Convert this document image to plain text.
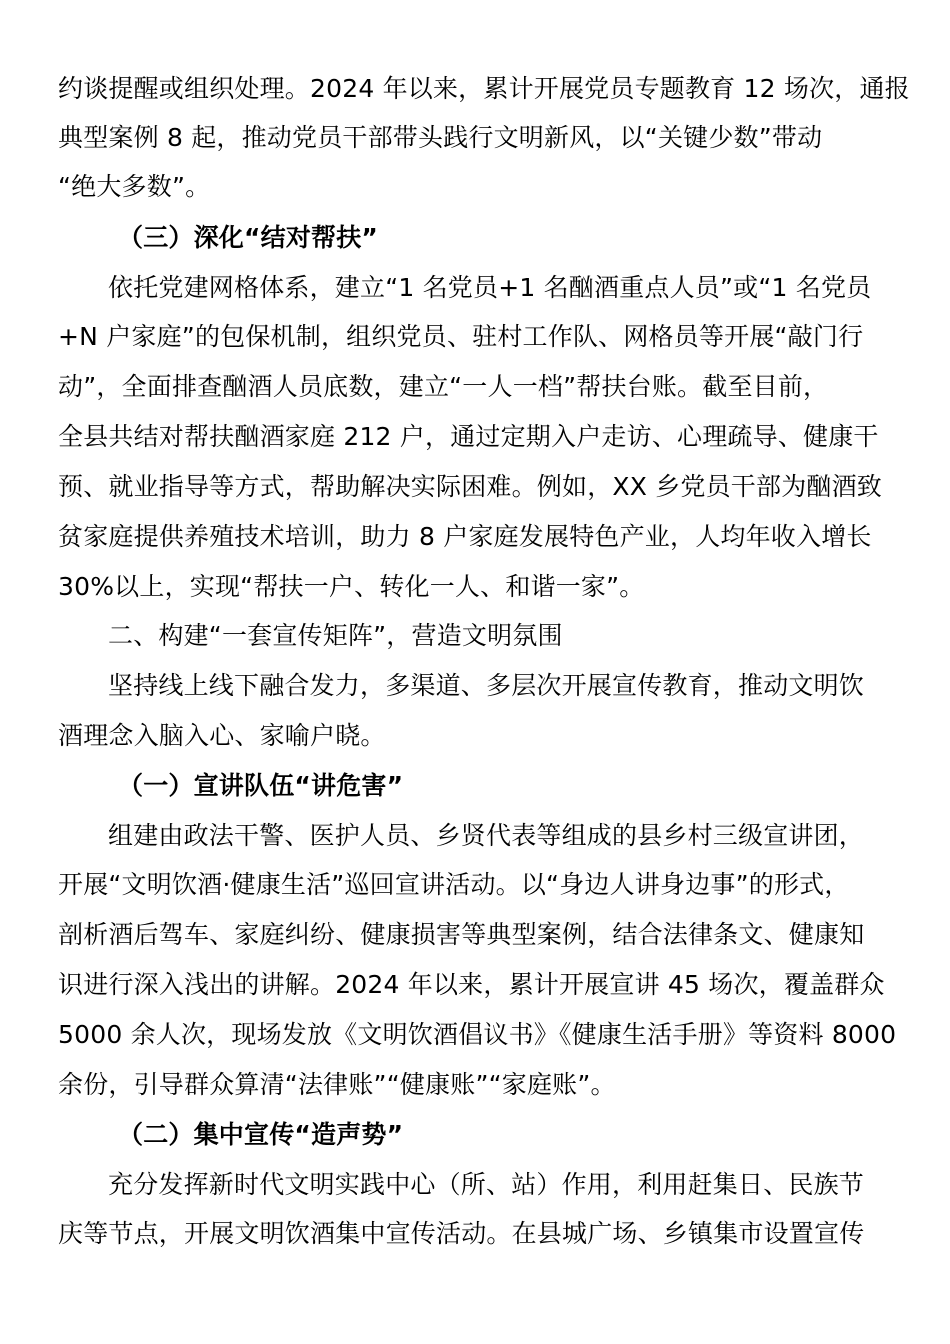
约谈提醒或组织处理。2024 年以来，累计开展党员专题教育 12 场次，通报
典型案例 8 起，推动党员干部带头践行文明新风，以“关键少数”带动
“绝大多数”。
（三）深化“结对帮扶”
依托党建网格体系，建立“1 名党员+1 名酗酒重点人员”或“1 名党员
+N 户家庭”的包保机制，组织党员、驻村工作队、网格员等开展“敲门行
动”，全面排查酗酒人员底数，建立“一人一档”帮扶台账。截至目前，
全县共结对帮扶酗酒家庭 212 户，通过定期入户走访、心理疏导、健康干
预、就业指导等方式，帮助解决实际困难。例如，XX 乡党员干部为酗酒致
贫家庭提供养殖技术培训，助力 8 户家庭发展特色产业，人均年收入增长
30%以上，实现“帮扶一户、转化一人、和谐一家”。
二、构建“一套宣传矩阵”，营造文明氛围
坚持线上线下融合发力，多渠道、多层次开展宣传教育，推动文明饮
酒理念入脑入心、家喻户晓。
（一）宣讲队伍“讲危害”
组建由政法干警、医护人员、乡贤代表等组成的县乡村三级宣讲团，
开展“文明饮酒·健康生活”巡回宣讲活动。以“身边人讲身边事”的形式，
剖析酒后驾车、家庭纠纷、健康损害等典型案例，结合法律条文、健康知
识进行深入浅出的讲解。2024 年以来，累计开展宣讲 45 场次，覆盖群众
5000 余人次，现场发放《文明饮酒倡议书》《健康生活手册》等资料 8000
余份，引导群众算清“法律账”“健康账”“家庭账”。
（二）集中宣传“造声势”
充分发挥新时代文明实践中心（所、站）作用，利用赶集日、民族节
庆等节点，开展文明饮酒集中宣传活动。在县城广场、乡镇集市设置宣传
